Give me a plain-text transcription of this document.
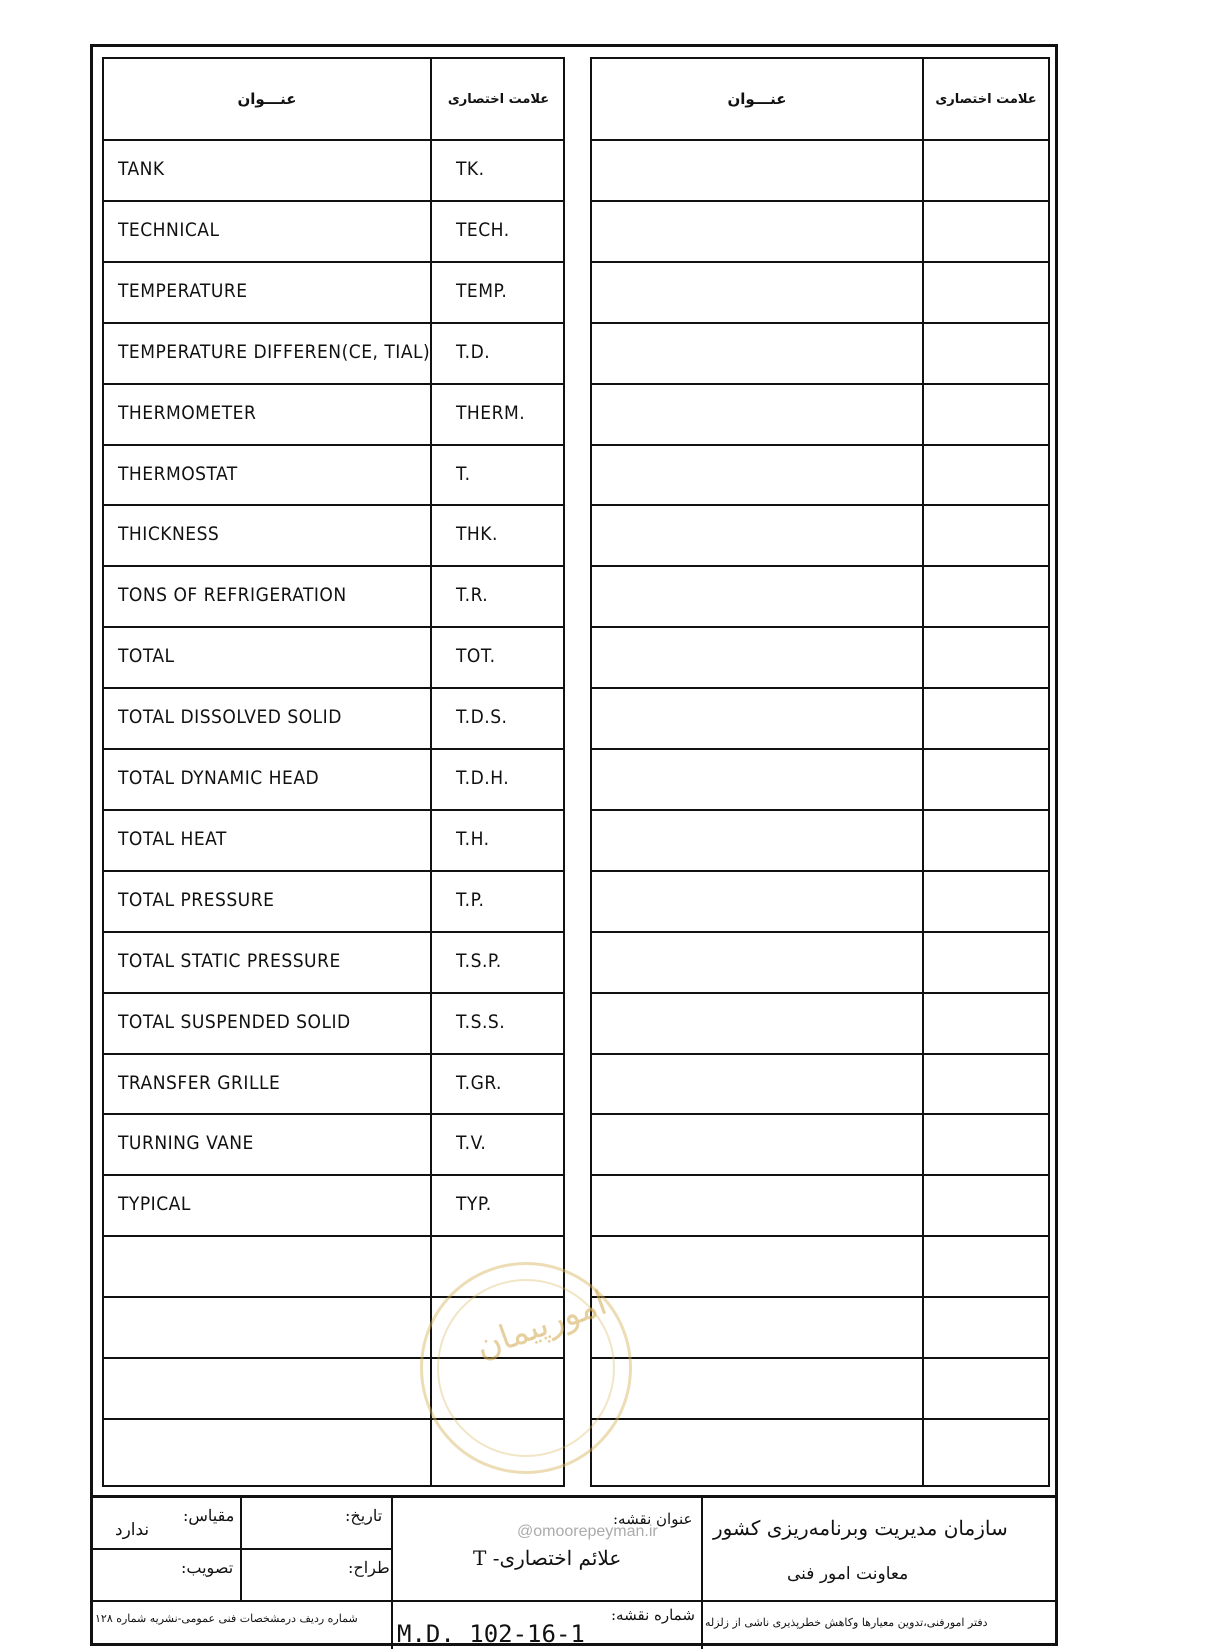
عنـــوان	علامت اختصاری
TANK	TK.
TECHNICAL	TECH.
TEMPERATURE	TEMP.
TEMPERATURE DIFFEREN(CE, TIAL) T.D.
THERMOMETER	THERM.
THERMOSTAT	T.
THICKNESS	THK.
TONS OF REFRIGERATION	T.R.
TOTAL	TOT.
TOTAL DISSOLVED SOLID	T.D.S.
TOTAL DYNAMIC HEAD	T.D.H.
TOTAL HEAT	T.H.
TOTAL PRESSURE	T.P.
TOTAL STATIC PRESSURE	T.S.P.
TOTAL SUSPENDED SOLID	T.S.S.
TRANSFER GRILLE	T.GR.
TURNING VANE	T.V.
TYPICAL	TYP.
عنـــوان	علامت اختصاری
مقیاس:
ندارد
تاریخ:
تصویب:	طراح:
عنوان نقشه:
علائم اختصاری- T
سازمان مدیریت وبرنامه‌ریزی کشور
معاونت امور فنی
دفتر امورفنی،تدوین معیارها وکاهش خطرپذیری ناشی از زلزله
شماره ردیف درمشخصات فنی عمومی-نشریه شماره ۱۲۸	شماره نقشه:
M.D. 102-16-1
امورپیمان
@omoorepeyman.ir
